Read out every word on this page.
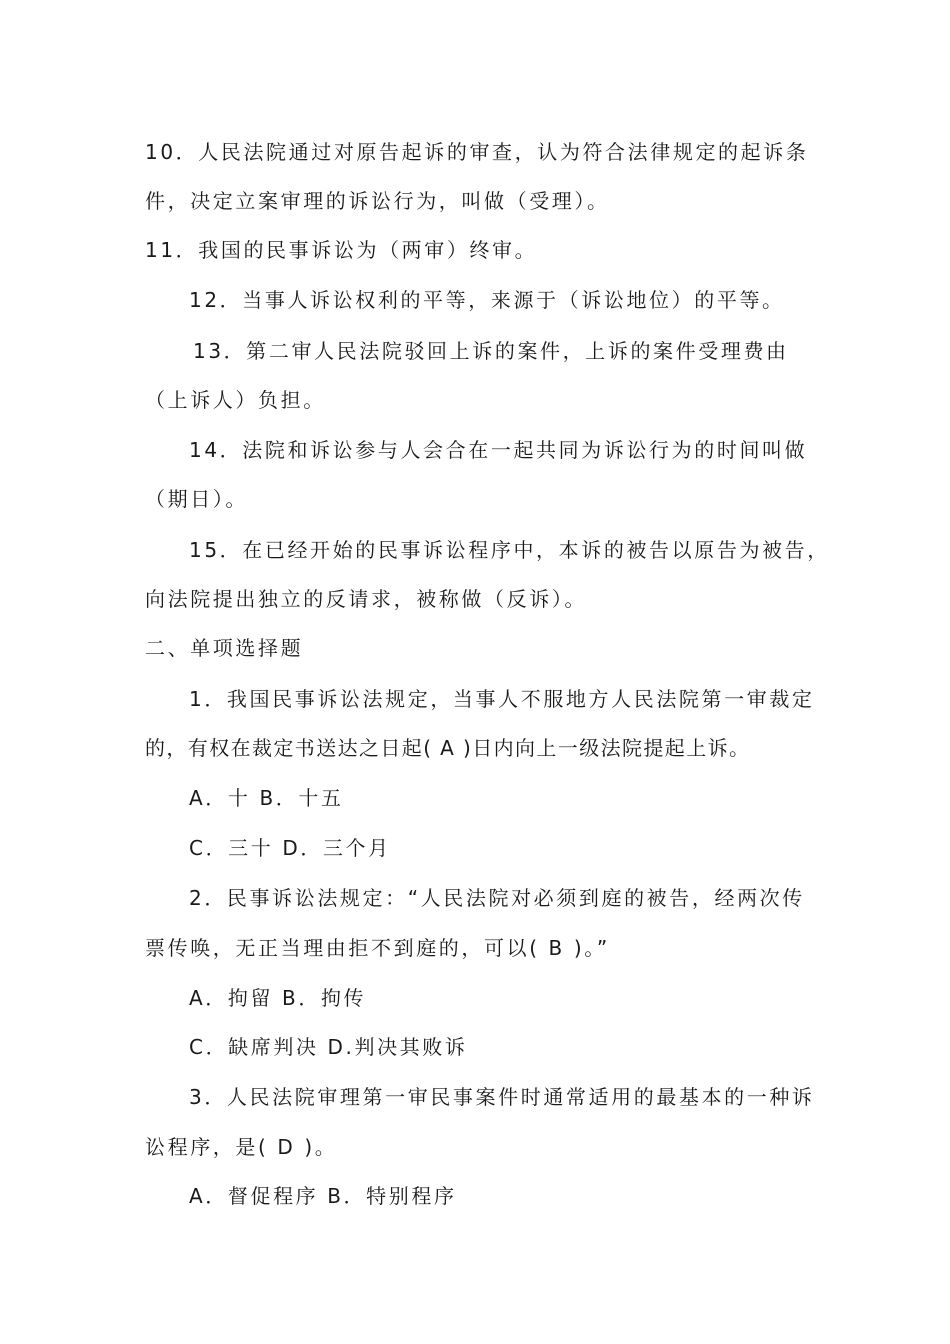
10．人民法院通过对原告起诉的审查，认为符合法律规定的起诉条
件，决定立案审理的诉讼行为，叫做（受理）。
11．我国的民事诉讼为（两审）终审。
12．当事人诉讼权利的平等，来源于（诉讼地位）的平等。
13．第二审人民法院驳回上诉的案件，上诉的案件受理费由
（上诉人）负担。
14．法院和诉讼参与人会合在一起共同为诉讼行为的时间叫做
（期日）。
15．在已经开始的民事诉讼程序中，本诉的被告以原告为被告，
向法院提出独立的反请求，被称做（反诉）。
二、单项选择题
1．我国民事诉讼法规定，当事人不服地方人民法院第一审裁定
的，有权在裁定书送达之日起( A )日内向上一级法院提起上诉。
A．十 B．十五
C．三十 D．三个月
2．民事诉讼法规定：“人民法院对必须到庭的被告，经两次传
票传唤，无正当理由拒不到庭的，可以( B )。”
A．拘留 B．拘传
C．缺席判决 D.判决其败诉
3．人民法院审理第一审民事案件时通常适用的最基本的一种诉
讼程序，是( D )。
A．督促程序 B．特别程序
